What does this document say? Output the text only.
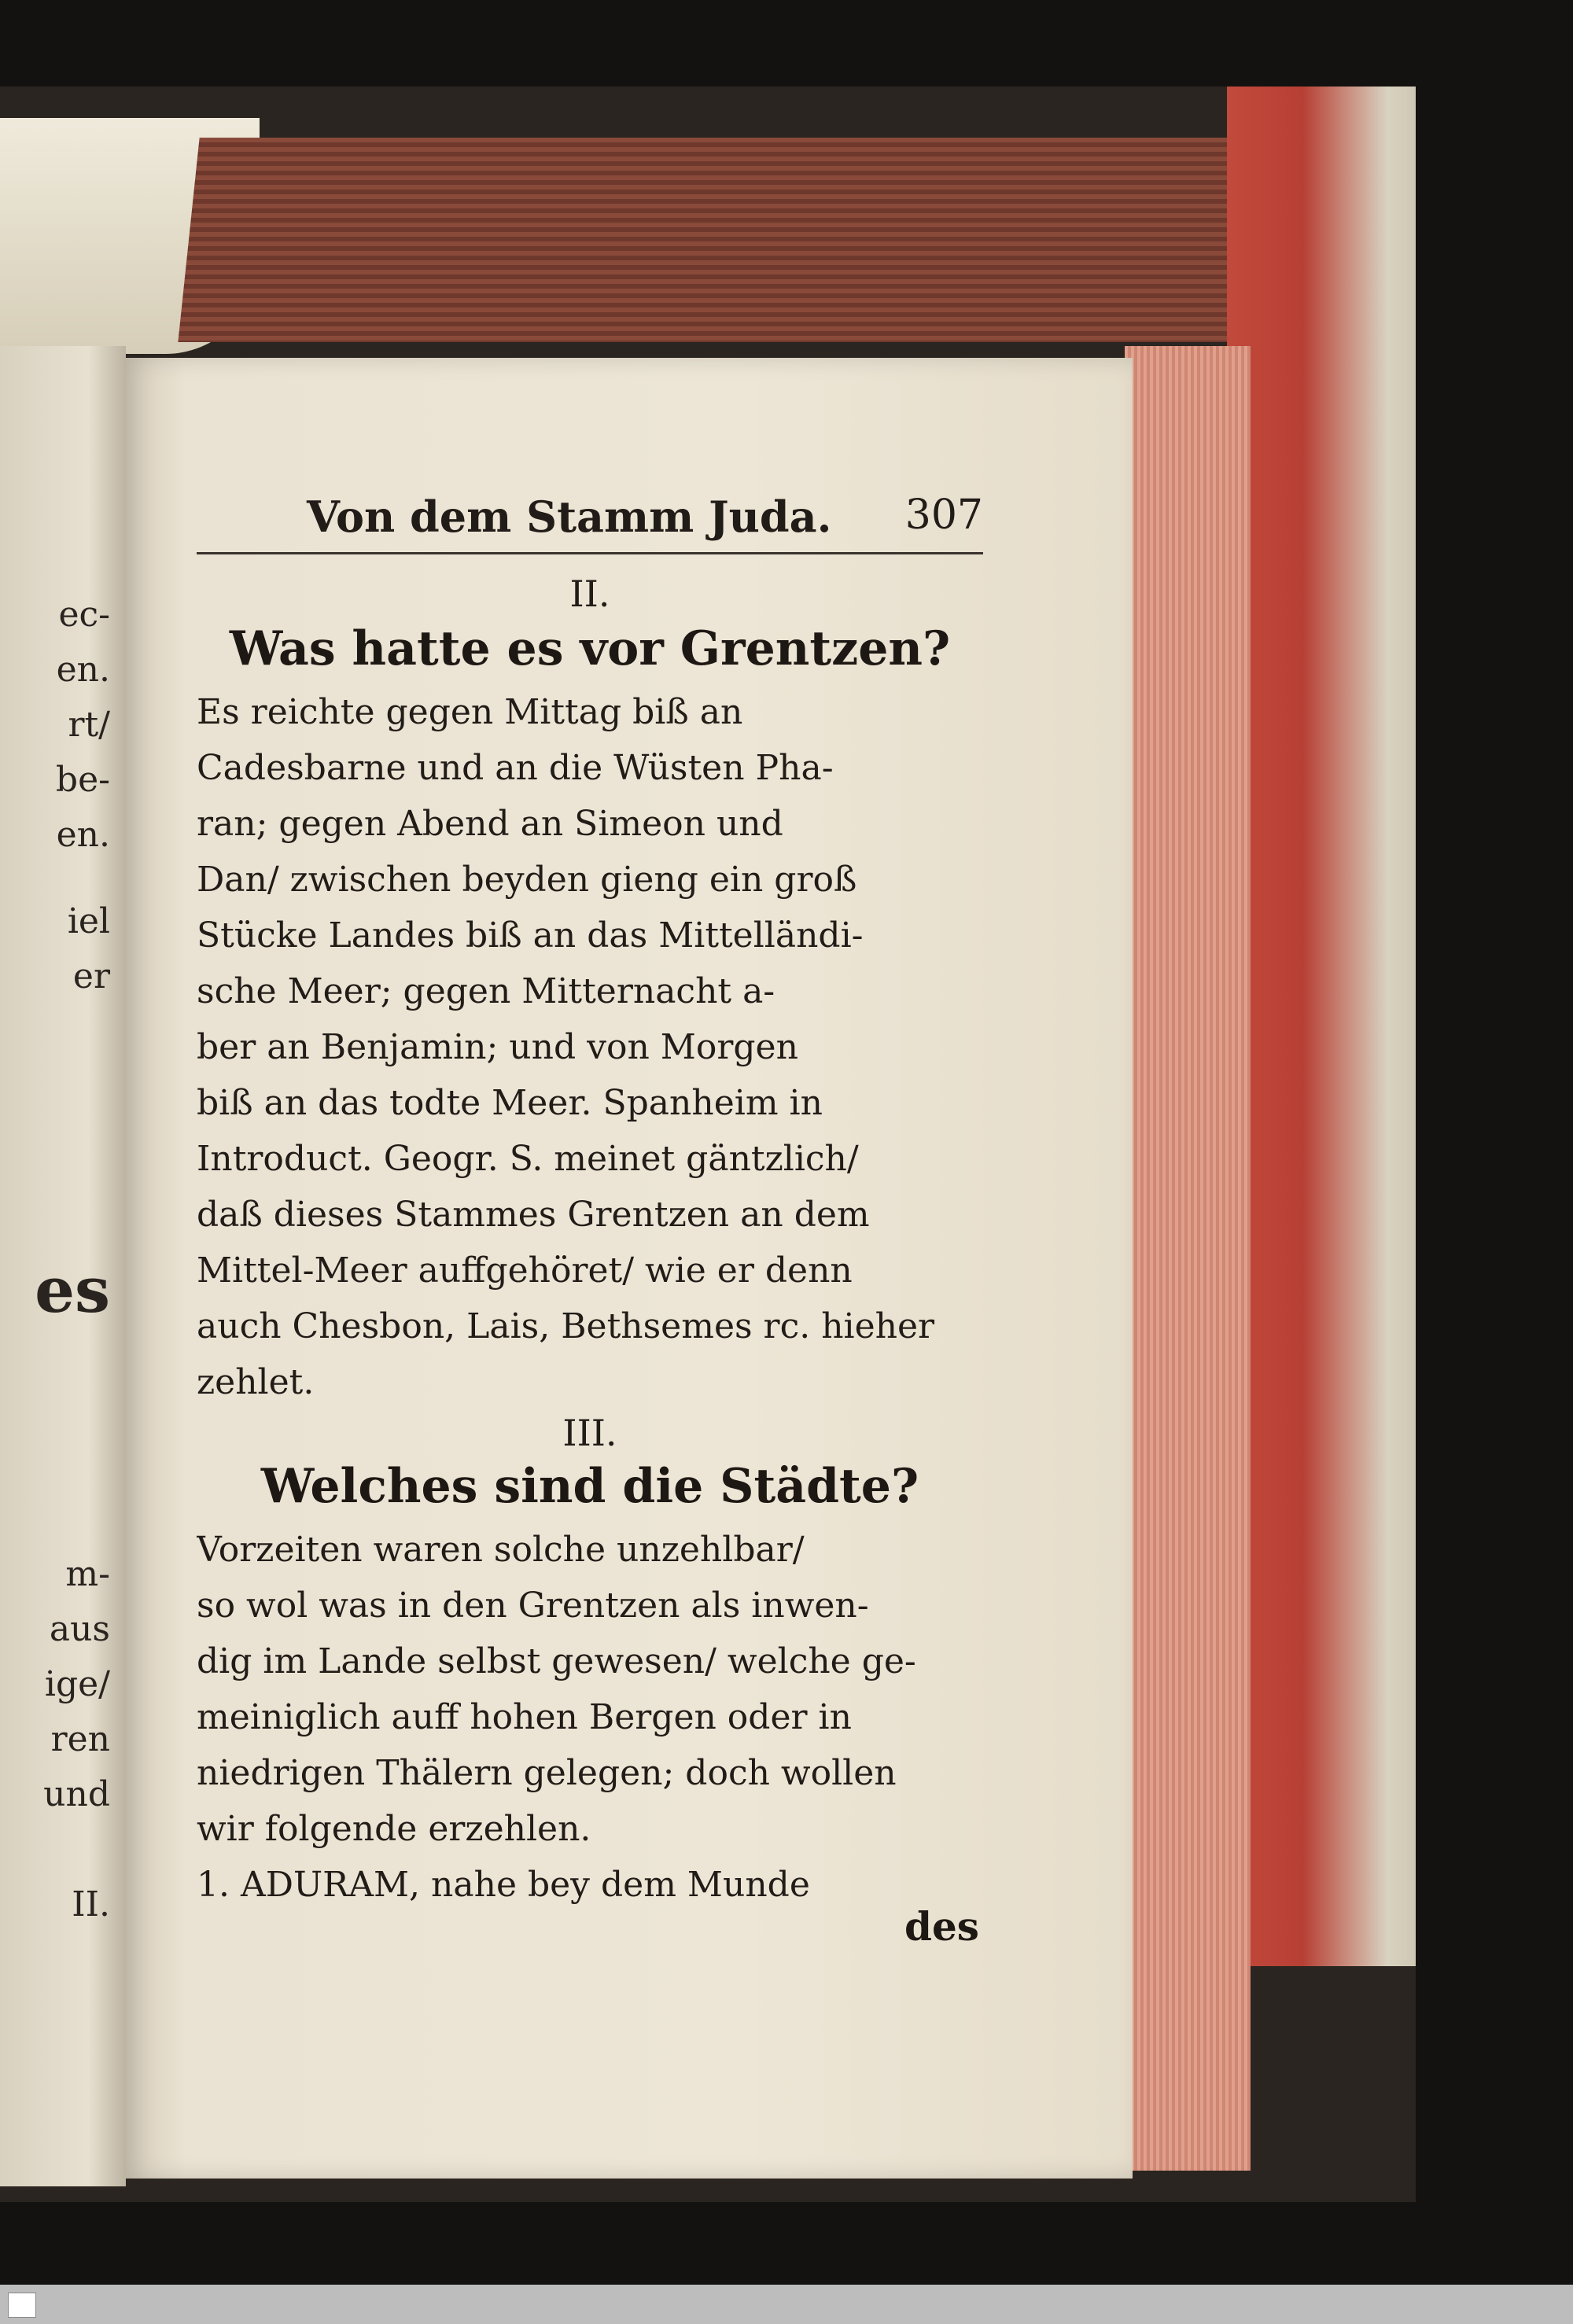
ec-
en.
rt/
be-
en.
iel
er
es
m-
aus
ige/
ren
und
II.
Von dem Stamm Juda. 307
II.
Was hatte es vor Grentzen?
Es reichte gegen Mittag biß an
Cadesbarne und an die Wüsten Pha-
ran; gegen Abend an Simeon und
Dan/ zwischen beyden gieng ein groß
Stücke Landes biß an das Mittelländi-
sche Meer; gegen Mitternacht a-
ber an Benjamin; und von Morgen
biß an das todte Meer. Spanheim in
Introduct. Geogr. S. meinet gäntzlich/
daß dieses Stammes Grentzen an dem
Mittel-Meer auffgehöret/ wie er denn
auch Chesbon, Lais, Bethsemes rc. hieher
zehlet.
III.
Welches sind die Städte?
Vorzeiten waren solche unzehlbar/
so wol was in den Grentzen als inwen-
dig im Lande selbst gewesen/ welche ge-
meiniglich auff hohen Bergen oder in
niedrigen Thälern gelegen; doch wollen
wir folgende erzehlen.
1. ADURAM, nahe bey dem Munde
des
